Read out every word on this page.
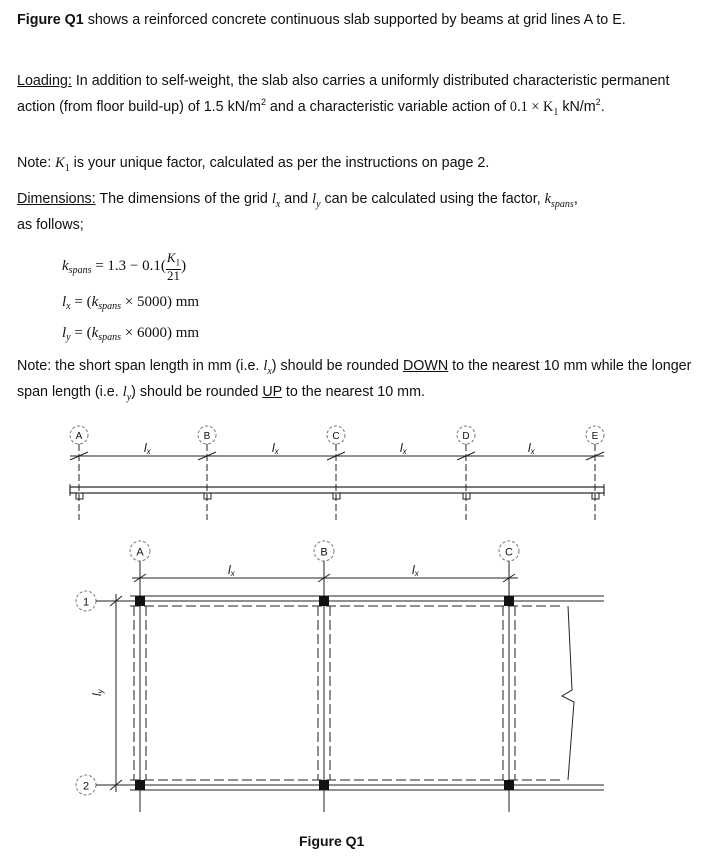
Figure Q1 shows a reinforced concrete continuous slab supported by beams at grid lines A to E.

Loading: In addition to self-weight, the slab also carries a uniformly distributed characteristic permanent action (from floor build-up) of 1.5 $kN/m^2$ and a characteristic variable action of $0.1 \times K_1$ $kN/m^2$.

Note: $K_1$ is your unique factor, calculated as per the instructions on page 2.

Dimensions: The dimensions of the grid $l_x$ and $l_y$ can be calculated using the factor, $k_{spans}$,
as follows;

$k_{spans} = 1.3 - 0.1( \frac{K_1}{21}$ )
$l_x = (k_{spans} \times 5000)$ mm
$l_y = (k_{spans} \times 6000)$ mm

Note: the short span length in mm (i.e. $l_x$) should be rounded DOWN to the nearest 10 mm while the longer span length (i.e. $l_y$) should be rounded UP to the nearest 10 mm.

A	B	C	D	E
lx	lx	lx	lx
A	B	C
lx	lx
1
2
ly

Figure Q1
